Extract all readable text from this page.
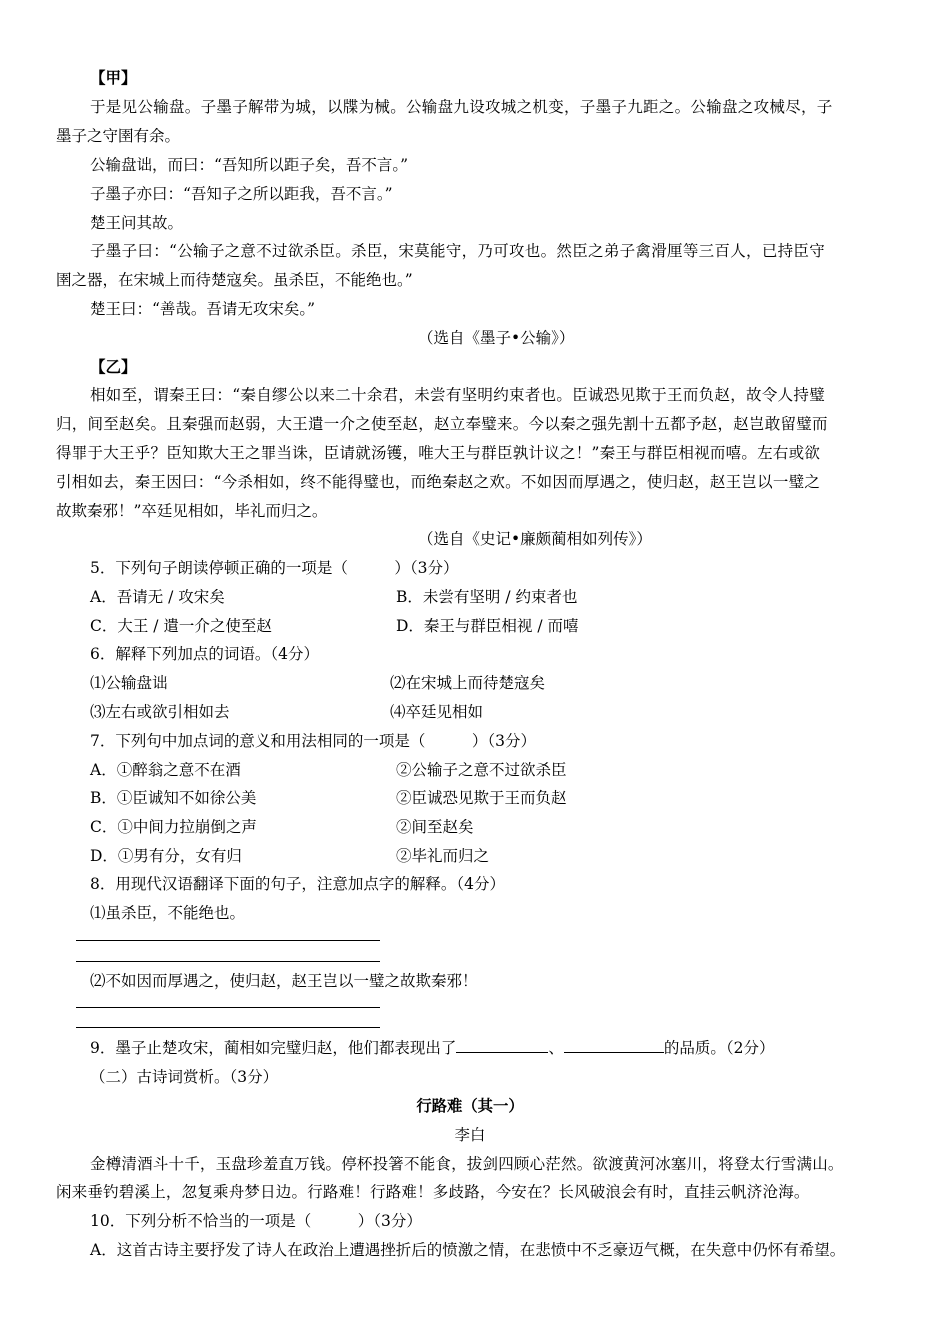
【甲】
于是见公输盘。子墨子解带为城，以牒为械。公输盘九设攻城之机变，子墨子九距之。公输盘之攻械尽，子
墨子之守圉有余。
公输盘诎，而曰：“吾知所以距子矣，吾不言。”
子墨子亦曰：“吾知子之所以距我，吾不言。”
楚王问其故。
子墨子曰：“公输子之意不过欲杀臣。杀臣，宋莫能守，乃可攻也。然臣之弟子禽滑厘等三百人，已持臣守
圉之器，在宋城上而待楚寇矣。虽杀臣，不能绝也。”
楚王曰：“善哉。吾请无攻宋矣。”
（选自《墨子•公输》）
【乙】
相如至，谓秦王曰：“秦自缪公以来二十余君，未尝有坚明约束者也。臣诚恐见欺于王而负赵，故令人持璧
归，间至赵矣。且秦强而赵弱，大王遣一介之使至赵，赵立奉璧来。今以秦之强先割十五都予赵，赵岂敢留璧而
得罪于大王乎？臣知欺大王之罪当诛，臣请就汤镬，唯大王与群臣孰计议之！”秦王与群臣相视而嘻。左右或欲
引相如去，秦王因曰：“今杀相如，终不能得璧也，而绝秦赵之欢。不如因而厚遇之，使归赵，赵王岂以一璧之
故欺秦邪！”卒廷见相如，毕礼而归之。
（选自《史记•廉颇蔺相如列传》）
5．下列句子朗读停顿正确的一项是（　　　）（3分）
A．吾请无 / 攻宋矣	B．未尝有坚明 / 约束者也
C．大王 / 遣一介之使至赵	D．秦王与群臣相视 / 而嘻
6．解释下列加点的词语。（4分）
⑴公输盘诎	⑵在宋城上而待楚寇矣
⑶左右或欲引相如去	⑷卒廷见相如
7．下列句中加点词的意义和用法相同的一项是（　　　）（3分）
A．①醉翁之意不在酒	②公输子之意不过欲杀臣
B．①臣诚知不如徐公美	②臣诚恐见欺于王而负赵
C．①中间力拉崩倒之声	②间至赵矣
D．①男有分，女有归	②毕礼而归之
8．用现代汉语翻译下面的句子，注意加点字的解释。（4分）
⑴虽杀臣，不能绝也。
⑵不如因而厚遇之，使归赵，赵王岂以一璧之故欺秦邪！
9．墨子止楚攻宋，蔺相如完璧归赵，他们都表现出了	、	的品质。（2分）
（二）古诗词赏析。（3分）
行路难（其一）
李白
金樽清酒斗十千，玉盘珍羞直万钱。停杯投箸不能食，拔剑四顾心茫然。欲渡黄河冰塞川，将登太行雪满山。
闲来垂钓碧溪上，忽复乘舟梦日边。行路难！行路难！多歧路，今安在？长风破浪会有时，直挂云帆济沧海。
10．下列分析不恰当的一项是（　　　）（3分）
A．这首古诗主要抒发了诗人在政治上遭遇挫折后的愤激之情，在悲愤中不乏豪迈气概，在失意中仍怀有希望。
